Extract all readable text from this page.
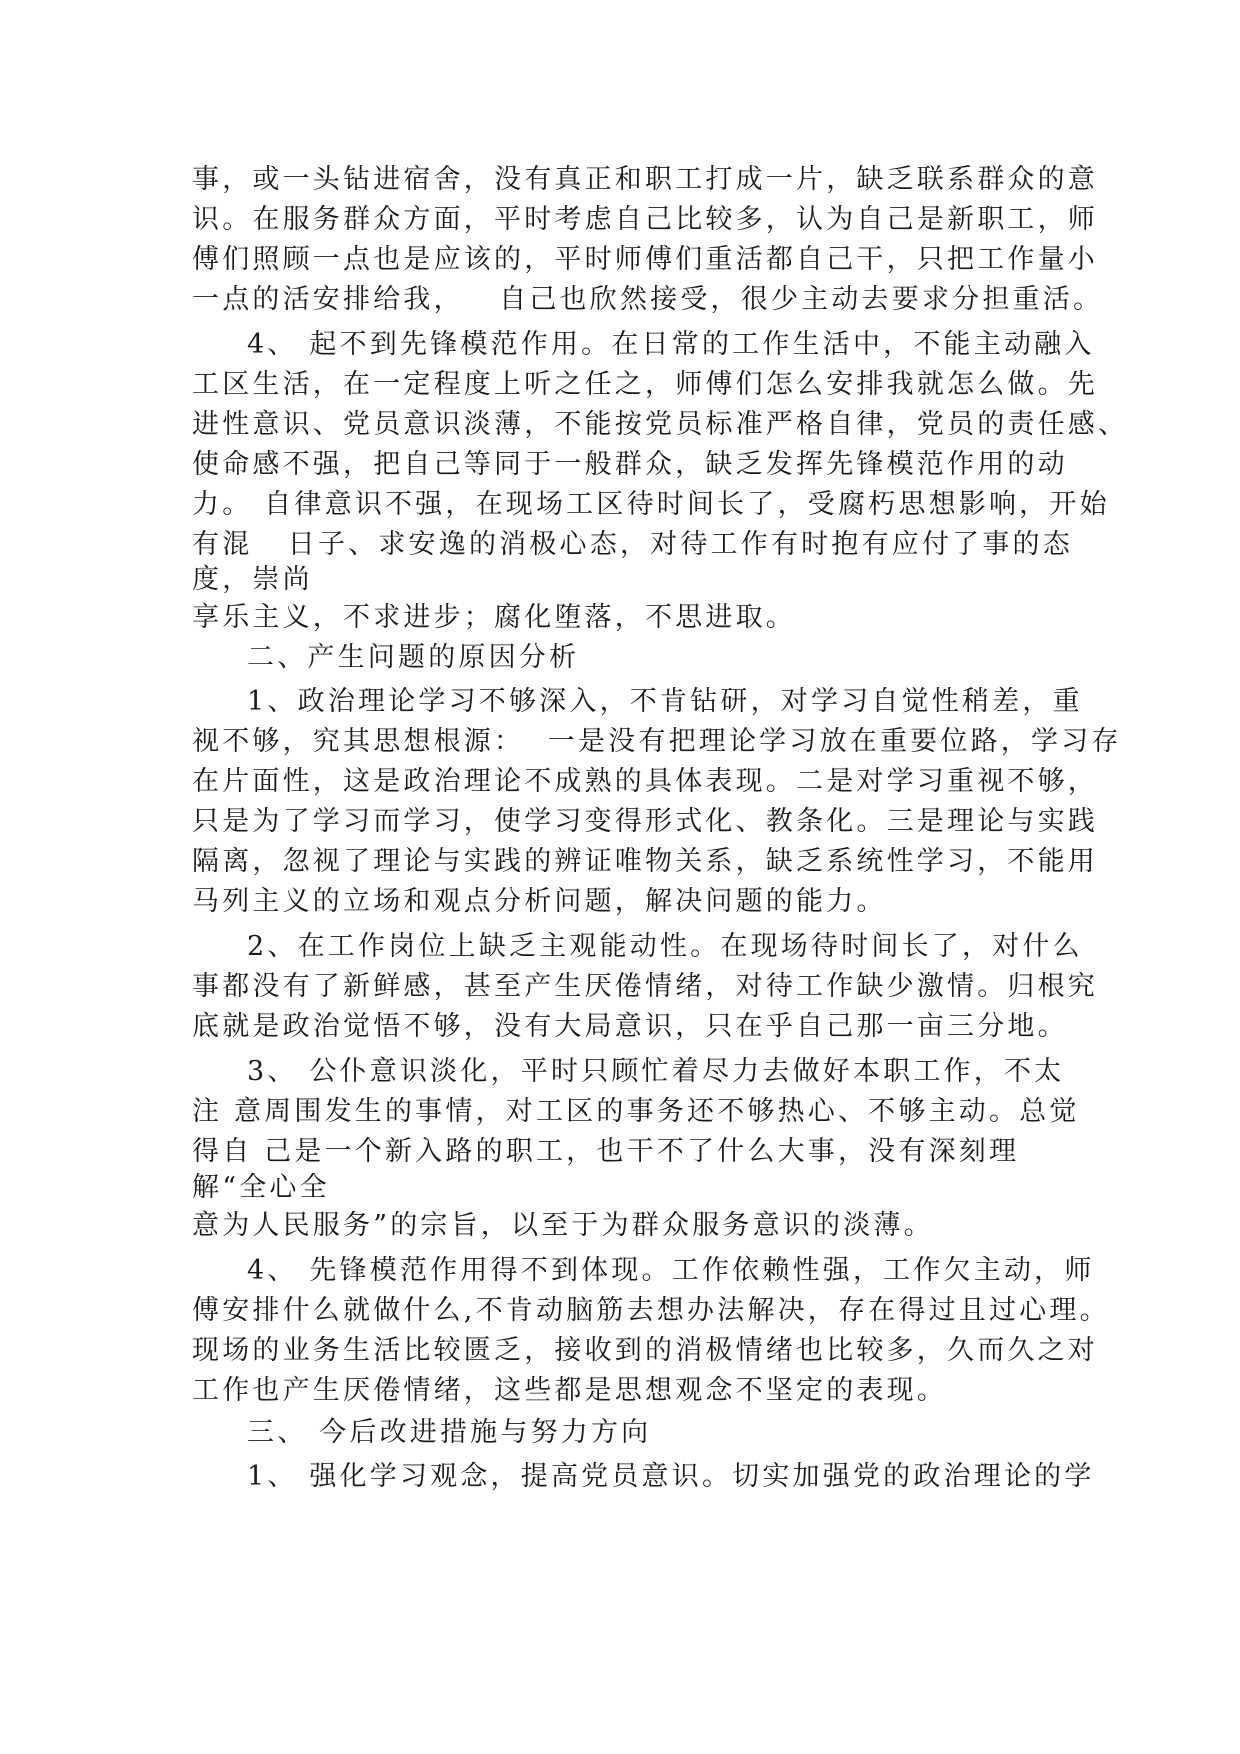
事，或一头钻进宿舍，没有真正和职工打成一片，缺乏联系群众的意
识。在服务群众方面，平时考虑自己比较多，认为自己是新职工，师
傅们照顾一点也是应该的，平时师傅们重活都自己干，只把工作量小
一点的活安排给我，   自己也欣然接受，很少主动去要求分担重活。
4、 起不到先锋模范作用。在日常的工作生活中，不能主动融入
工区生活，在一定程度上听之任之，师傅们怎么安排我就怎么做。先
进性意识、党员意识淡薄，不能按党员标准严格自律，党员的责任感、
使命感不强，把自己等同于一般群众，缺乏发挥先锋模范作用的动
力。 自律意识不强，在现场工区待时间长了，受腐朽思想影响，开始
有混   日子、求安逸的消极心态，对待工作有时抱有应付了事的态
度，崇尚
享乐主义，不求进步；腐化堕落，不思进取。
二、产生问题的原因分析
1、政治理论学习不够深入，不肯钻研，对学习自觉性稍差，重
视不够，究其思想根源：  一是没有把理论学习放在重要位路，学习存
在片面性，这是政治理论不成熟的具体表现。二是对学习重视不够，
只是为了学习而学习，使学习变得形式化、教条化。三是理论与实践
隔离，忽视了理论与实践的辨证唯物关系，缺乏系统性学习，不能用
马列主义的立场和观点分析问题，解决问题的能力。
2、在工作岗位上缺乏主观能动性。在现场待时间长了，对什么
事都没有了新鲜感，甚至产生厌倦情绪，对待工作缺少激情。归根究
底就是政治觉悟不够，没有大局意识，只在乎自己那一亩三分地。
3、 公仆意识淡化，平时只顾忙着尽力去做好本职工作，不太
注 意周围发生的事情，对工区的事务还不够热心、不够主动。总觉
得自 己是一个新入路的职工，也干不了什么大事，没有深刻理
解“全心全
意为人民服务”的宗旨，以至于为群众服务意识的淡薄。
4、 先锋模范作用得不到体现。工作依赖性强，工作欠主动，师
傅安排什么就做什么,不肯动脑筋去想办法解决，存在得过且过心理。
现场的业务生活比较匮乏，接收到的消极情绪也比较多，久而久之对
工作也产生厌倦情绪，这些都是思想观念不坚定的表现。
三、 今后改进措施与努力方向
1、 强化学习观念，提高党员意识。切实加强党的政治理论的学
